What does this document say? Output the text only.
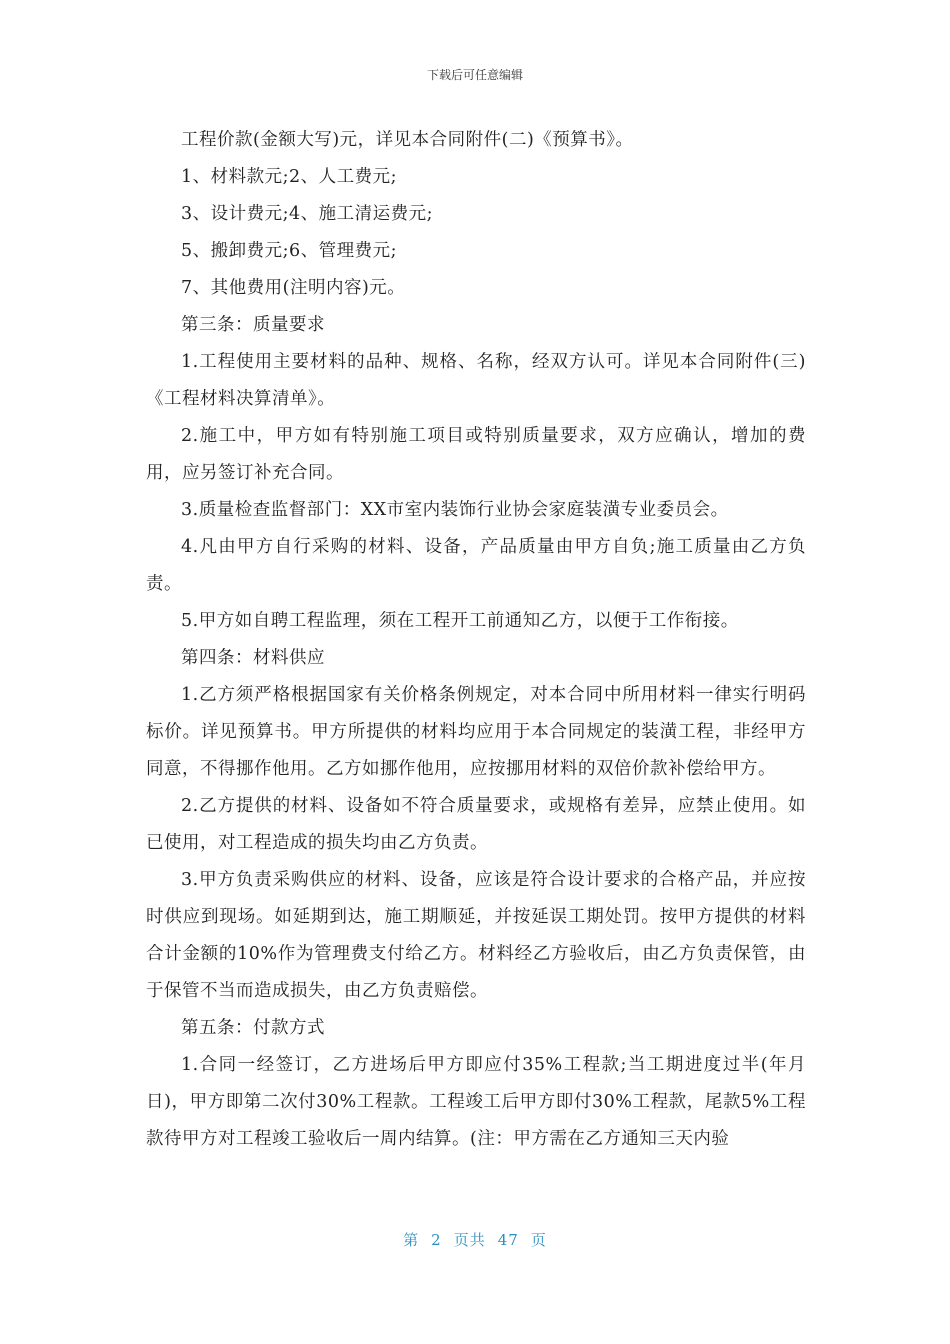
下载后可任意编辑

工程价款(金额大写)元，详见本合同附件(二)《预算书》。

1、材料款元;2、人工费元;

3、设计费元;4、施工清运费元;

5、搬卸费元;6、管理费元;

7、其他费用(注明内容)元。

第三条：质量要求

1.工程使用主要材料的品种、规格、名称，经双方认可。详见本合同附件(三)《工程材料决算清单》。

2.施工中，甲方如有特别施工项目或特别质量要求，双方应确认，增加的费用，应另签订补充合同。

3.质量检查监督部门：XX市室内装饰行业协会家庭装潢专业委员会。

4.凡由甲方自行采购的材料、设备，产品质量由甲方自负;施工质量由乙方负责。

5.甲方如自聘工程监理，须在工程开工前通知乙方，以便于工作衔接。

第四条：材料供应

1.乙方须严格根据国家有关价格条例规定，对本合同中所用材料一律实行明码标价。详见预算书。甲方所提供的材料均应用于本合同规定的装潢工程，非经甲方同意，不得挪作他用。乙方如挪作他用，应按挪用材料的双倍价款补偿给甲方。

2.乙方提供的材料、设备如不符合质量要求，或规格有差异，应禁止使用。如已使用，对工程造成的损失均由乙方负责。

3.甲方负责采购供应的材料、设备，应该是符合设计要求的合格产品，并应按时供应到现场。如延期到达，施工期顺延，并按延误工期处罚。按甲方提供的材料合计金额的10%作为管理费支付给乙方。材料经乙方验收后，由乙方负责保管，由于保管不当而造成损失，由乙方负责赔偿。

第五条：付款方式

1.合同一经签订，乙方进场后甲方即应付35%工程款;当工期进度过半(年月日)，甲方即第二次付30%工程款。工程竣工后甲方即付30%工程款，尾款5%工程款待甲方对工程竣工验收后一周内结算。(注：甲方需在乙方通知三天内验

第 2 页共 47 页
